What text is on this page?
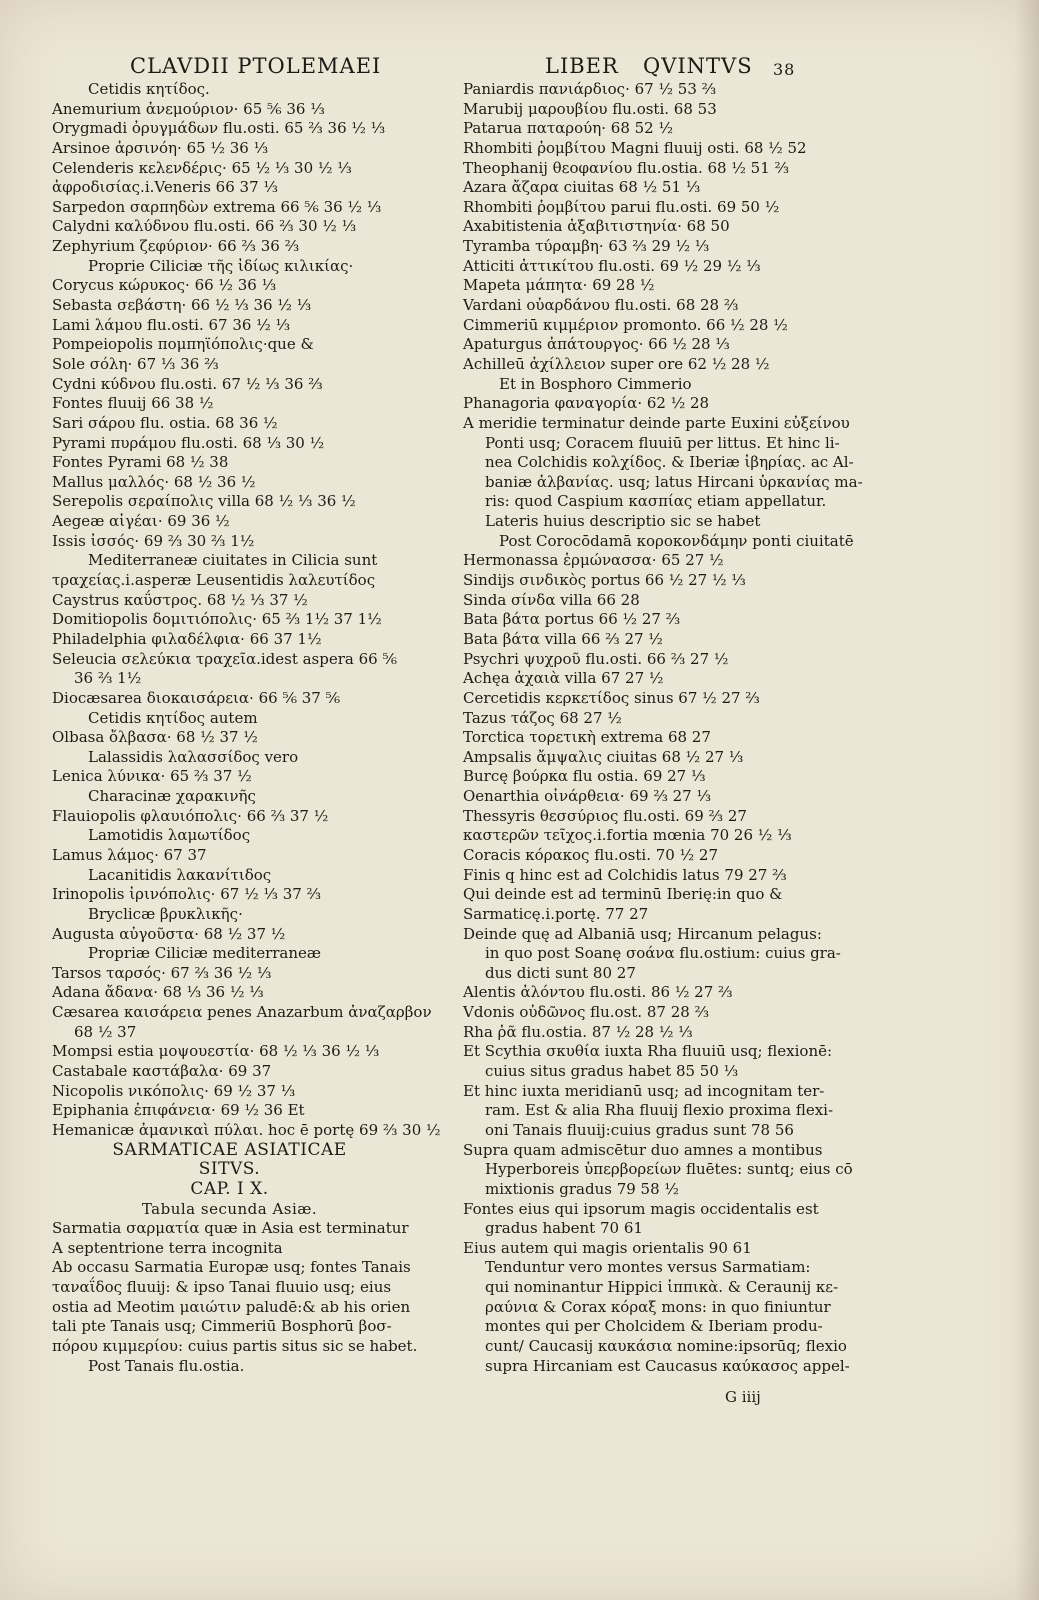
CLAVDII PTOLEMAEI	LIBER QVINTVS 38
Cetidis κητίδος.
Anemurium ἀνεμούριον· 65 ⅚ 36 ⅓
Orygmadi ὀρυγμάδων flu.osti. 65 ⅔ 36 ½ ⅓
Arsinoe ἀρσινόη· 65 ½ 36 ⅓
Celenderis κελενδέρις· 65 ½ ⅓ 30 ½ ⅓
ἀφροδισίας.i.Veneris 66 37 ⅓
Sarpedon σαρπηδὼν extrema 66 ⅚ 36 ½ ⅓
Calydni καλύδνου flu.osti. 66 ⅔ 30 ½ ⅓
Zephyrium ζεφύριον· 66 ⅔ 36 ⅔
Proprie Ciliciæ τῆς ἰδίως κιλικίας·
Corycus κώρυκος· 66 ½ 36 ⅓
Sebasta σεβάστη· 66 ½ ⅓ 36 ½ ⅓
Lami λάμου flu.osti. 67 36 ½ ⅓
Pompeiopolis πομπηϊόπολις·que &
Sole σόλη· 67 ⅓ 36 ⅔
Cydni κύδνου flu.osti. 67 ½ ⅓ 36 ⅔
Fontes fluuij 66 38 ½
Sari σάρου flu. ostia. 68 36 ½
Pyrami πυράμου flu.osti. 68 ⅓ 30 ½
Fontes Pyrami 68 ½ 38
Mallus μαλλός· 68 ½ 36 ½
Serepolis σεραίπολις villa 68 ½ ⅓ 36 ½
Aegeæ αἰγέαι· 69 36 ½
Issis ἰσσός· 69 ⅔ 30 ⅔ 1½
Mediterraneæ ciuitates in Cilicia sunt
τραχείας.i.asperæ Leusentidis λαλευτίδος
Caystrus καΰστρος. 68 ½ ⅓ 37 ½
Domitiopolis δομιτιόπολις· 65 ⅔ 1½ 37 1½
Philadelphia φιλαδέλφια· 66 37 1½
Seleucia σελεύκια τραχεῖα.idest aspera 66 ⅚
36 ⅔ 1½
Diocæsarea διοκαισάρεια· 66 ⅚ 37 ⅚
Cetidis κητίδος autem
Olbasa ὄλβασα· 68 ½ 37 ½
Lalassidis λαλασσίδος vero
Lenica λύνικα· 65 ⅔ 37 ½
Characinæ χαρακινῆς
Flauiopolis φλαυιόπολις· 66 ⅔ 37 ½
Lamotidis λαμωτίδος
Lamus λάμος· 67 37
Lacanitidis λακανίτιδος
Irinopolis ἰρινόπολις· 67 ½ ⅓ 37 ⅔
Bryclicæ βρυκλικῆς·
Augusta αὐγοῦστα· 68 ½ 37 ½
Propriæ Ciliciæ mediterraneæ
Tarsos ταρσός· 67 ⅔ 36 ½ ⅓
Adana ἄδανα· 68 ⅓ 36 ½ ⅓
Cæsarea καισάρεια penes Anazarbum ἀναζαρβον
68 ½ 37
Mompsi estia μοψουεστία· 68 ½ ⅓ 36 ½ ⅓
Castabale καστάβαλα· 69 37
Nicopolis νικόπολις· 69 ½ 37 ⅓
Epiphania ἐπιφάνεια· 69 ½ 36 Et
Hemanicæ ἀμανικαὶ πύλαι. hoc ē portę 69 ⅔ 30 ½
SARMATICAE ASIATICAE
SITVS.
CAP. I X.
Tabula secunda Asiæ.
Sarmatia σαρματία quæ in Asia est terminatur
A septentrione terra incognita
Ab occasu Sarmatia Europæ usq; fontes Tanais
ταναΐδος fluuij: & ipso Tanai fluuio usq; eius
ostia ad Meotim μαιώτιν paludē:& ab his orien
tali pte Tanais usq; Cimmeriū Bosphorū βοσ-
πόρου κιμμερίου: cuius partis situs sic se habet.
Post Tanais flu.ostia.
Paniardis πανιάρδιος· 67 ½ 53 ⅔
Marubij μαρουβίου flu.osti. 68 53
Patarua παταρούη· 68 52 ½
Rhombiti ῥομβίτου Magni fluuij osti. 68 ½ 52
Theophanij θεοφανίου flu.ostia. 68 ½ 51 ⅔
Azara ἄζαρα ciuitas 68 ½ 51 ⅓
Rhombiti ῥομβίτου parui flu.osti. 69 50 ½
Axabitistenia ἀξαβιτιστηνία· 68 50
Tyramba τύραμβη· 63 ⅔ 29 ½ ⅓
Atticiti ἀττικίτου flu.osti. 69 ½ 29 ½ ⅓
Mapeta μάπητα· 69 28 ½
Vardani οὐαρδάνου flu.osti. 68 28 ⅔
Cimmeriū κιμμέριον promonto. 66 ½ 28 ½
Apaturgus ἀπάτουργος· 66 ½ 28 ⅓
Achilleū ἀχίλλειον super ore 62 ½ 28 ½
Et in Bosphoro Cimmerio
Phanagoria φαναγορία· 62 ½ 28
A meridie terminatur deinde parte Euxini εὐξείνου
Ponti usq; Coracem fluuiū per littus. Et hinc li-
nea Colchidis κολχίδος. & Iberiæ ἰβηρίας. ac Al-
baniæ ἀλβανίας. usq; latus Hircani ὑρκανίας ma-
ris: quod Caspium κασπίας etiam appellatur.
Lateris huius descriptio sic se habet
Post Corocōdamā κοροκονδάμην ponti ciuitatē
Hermonassa ἑρμώνασσα· 65 27 ½
Sindijs σινδικὸς portus 66 ½ 27 ½ ⅓
Sinda σίνδα villa 66 28
Bata βάτα portus 66 ½ 27 ⅔
Bata βάτα villa 66 ⅔ 27 ½
Psychri ψυχροῦ flu.osti. 66 ⅔ 27 ½
Achęa ἀχαιὰ villa 67 27 ½
Cercetidis κερκετίδος sinus 67 ½ 27 ⅔
Tazus τάζος 68 27 ½
Torctica τορετικὴ extrema 68 27
Ampsalis ἄμψαλις ciuitas 68 ½ 27 ⅓
Burcę βούρκα flu ostia. 69 27 ⅓
Oenarthia οἰνάρθεια· 69 ⅔ 27 ⅓
Thessyris θεσσύριος flu.osti. 69 ⅔ 27
καστερῶν τεῖχος.i.fortia mœnia 70 26 ½ ⅓
Coracis κόρακος flu.osti. 70 ½ 27
Finis q hinc est ad Colchidis latus 79 27 ⅔
Qui deinde est ad terminū Iberię:in quo &
Sarmaticę.i.portę. 77 27
Deinde quę ad Albaniā usq; Hircanum pelagus:
in quo post Soanę σοάνα flu.ostium: cuius gra-
dus dicti sunt 80 27
Alentis ἀλόντου flu.osti. 86 ½ 27 ⅔
Vdonis οὐδῶνος flu.ost. 87 28 ⅔
Rha ῥᾶ flu.ostia. 87 ½ 28 ½ ⅓
Et Scythia σκυθία iuxta Rha fluuiū usq; flexionē:
cuius situs gradus habet 85 50 ⅓
Et hinc iuxta meridianū usq; ad incognitam ter-
ram. Est & alia Rha fluuij flexio proxima flexi-
oni Tanais fluuij:cuius gradus sunt 78 56
Supra quam admiscētur duo amnes a montibus
Hyperboreis ὑπερβορείων fluētes: suntq; eius cō
mixtionis gradus 79 58 ½
Fontes eius qui ipsorum magis occidentalis est
gradus habent 70 61
Eius autem qui magis orientalis 90 61
Tenduntur vero montes versus Sarmatiam:
qui nominantur Hippici ἱππικὰ. & Ceraunij κε-
ραύνια & Corax κόραξ mons: in quo finiuntur
montes qui per Cholcidem & Iberiam produ-
cunt/ Caucasij καυκάσια nomine:ipsorūq; flexio
supra Hircaniam est Caucasus καύκασος appel-
G iiij
